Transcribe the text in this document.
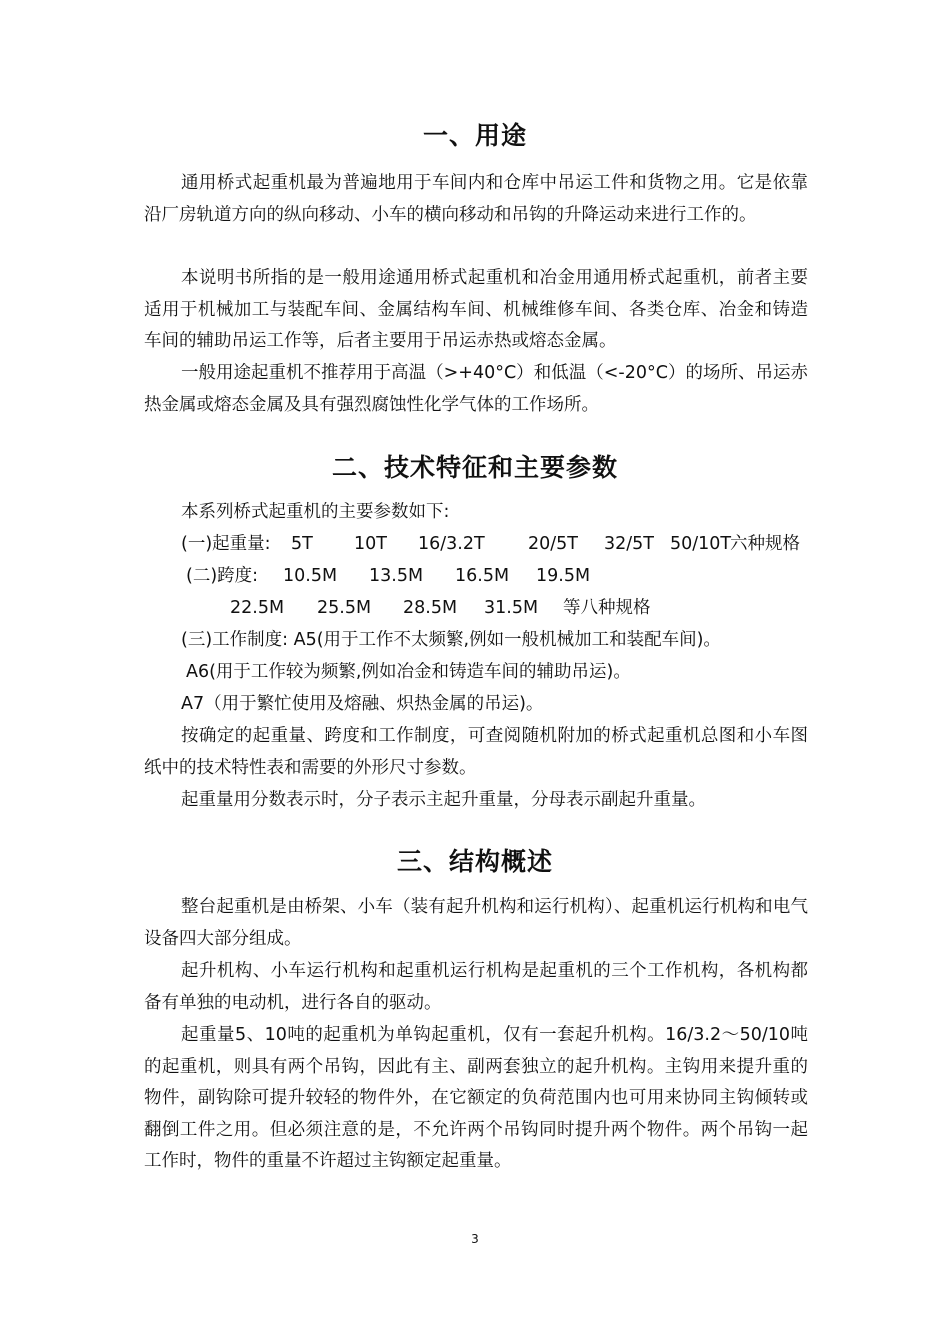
一、用途

通用桥式起重机最为普遍地用于车间内和仓库中吊运工件和货物之用。它是依靠沿厂房轨道方向的纵向移动、小车的横向移动和吊钩的升降运动来进行工作的。

本说明书所指的是一般用途通用桥式起重机和冶金用通用桥式起重机，前者主要适用于机械加工与装配车间、金属结构车间、机械维修车间、各类仓库、冶金和铸造车间的辅助吊运工作等，后者主要用于吊运赤热或熔态金属。

一般用途起重机不推荐用于高温（>+40°C）和低温（<-20°C）的场所、吊运赤热金属或熔态金属及具有强烈腐蚀性化学气体的工作场所。

二、技术特征和主要参数

本系列桥式起重机的主要参数如下:

(一)起重量: 5T 10T 16/3.2T 20/5T 32/5T 50/10T
六种规格
(二)跨度: 10.5M 13.5M 16.5M 19.5M
22.5M 25.5M 28.5M 31.5M 等八种规格

(三)工作制度: A5(用于工作不太频繁,例如一般机械加工和装配车间)。

A6(用于工作较为频繁,例如冶金和铸造车间的辅助吊运)。

A7（用于繁忙使用及熔融、炽热金属的吊运)。

按确定的起重量、跨度和工作制度，可查阅随机附加的桥式起重机总图和小车图纸中的技术特性表和需要的外形尺寸参数。

起重量用分数表示时，分子表示主起升重量，分母表示副起升重量。

三、结构概述

整台起重机是由桥架、小车（装有起升机构和运行机构）、起重机运行机构和电气设备四大部分组成。

起升机构、小车运行机构和起重机运行机构是起重机的三个工作机构，各机构都备有单独的电动机，进行各自的驱动。

起重量5、10吨的起重机为单钩起重机，仅有一套起升机构。16/3.2～50/10吨的起重机，则具有两个吊钩，因此有主、副两套独立的起升机构。主钩用来提升重的物件，副钩除可提升较轻的物件外，在它额定的负荷范围内也可用来协同主钩倾转或翻倒工件之用。但必须注意的是，不允许两个吊钩同时提升两个物件。两个吊钩一起工作时，物件的重量不许超过主钩额定起重量。

3
